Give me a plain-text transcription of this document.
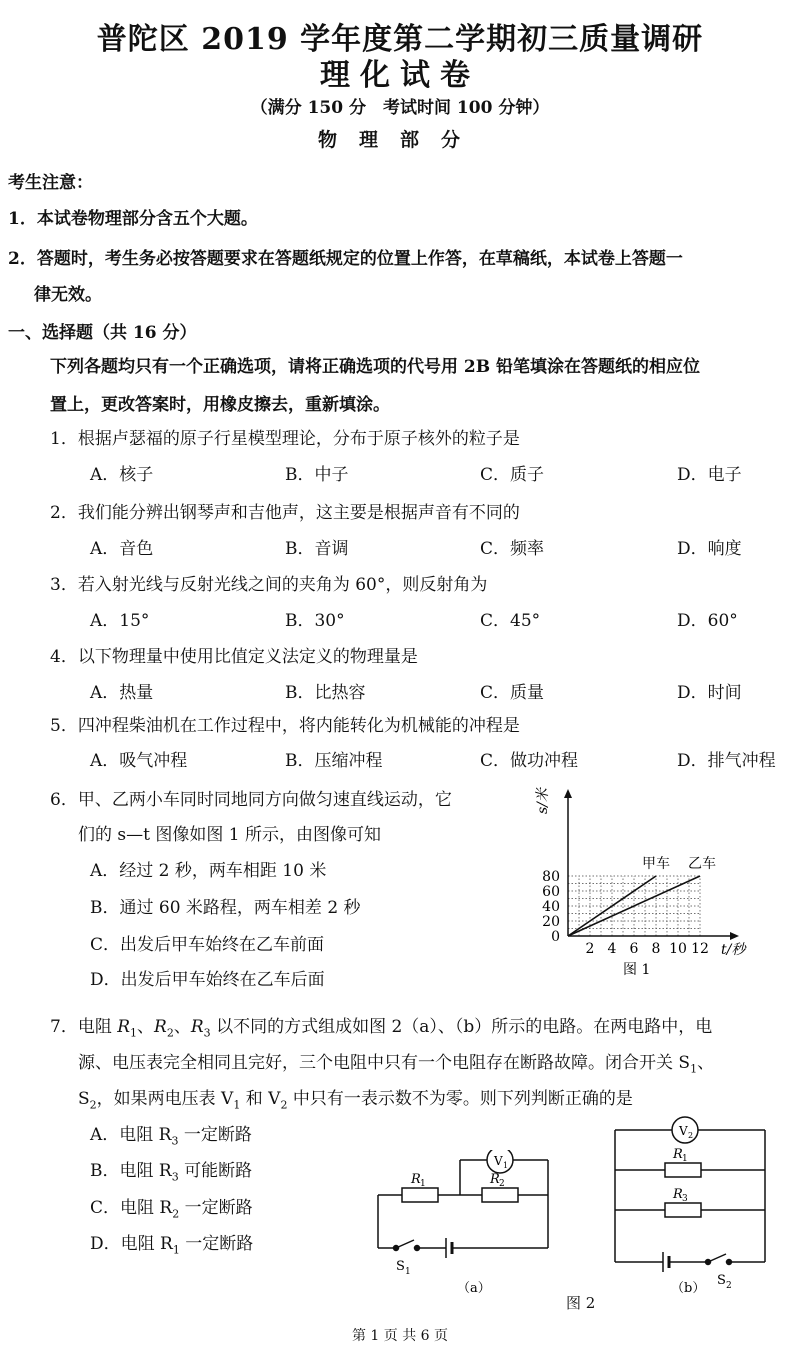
普陀区 2019 学年度第二学期初三质量调研
理化试卷
（满分 150 分　考试时间 100 分钟）
物理部分
考生注意：
1．本试卷物理部分含五个大题。
2．答题时，考生务必按答题要求在答题纸规定的位置上作答，在草稿纸，本试卷上答题一
律无效。
一、选择题（共 16 分）
下列各题均只有一个正确选项，请将正确选项的代号用 2B 铅笔填涂在答题纸的相应位
置上，更改答案时，用橡皮擦去，重新填涂。
1．根据卢瑟福的原子行星模型理论，分布于原子核外的粒子是
A．核子	B．中子	C．质子	D．电子
2．我们能分辨出钢琴声和吉他声，这主要是根据声音有不同的
A．音色	B．音调	C．频率	D．响度
3．若入射光线与反射光线之间的夹角为 60°，则反射角为
A．15°	B．30°	C．45°	D．60°
4．以下物理量中使用比值定义法定义的物理量是
A．热量	B．比热容	C．质量	D．时间
5．四冲程柴油机在工作过程中，将内能转化为机械能的冲程是
A．吸气冲程	B．压缩冲程	C．做功冲程	D．排气冲程
6．甲、乙两小车同时同地同方向做匀速直线运动，它
们的 s—t 图像如图 1 所示，由图像可知
A．经过 2 秒，两车相距 10 米
B．通过 60 米路程，两车相差 2 秒
C．出发后甲车始终在乙车前面
D．出发后甲车始终在乙车后面
2 4 6 8 10 12
0
20
40
60
80
甲车 乙车
s/米
t/秒
图 1
7．电阻 $R_1$、$R_2$、$R_3$ 以不同的方式组成如图 2（a）、（b）所示的电路。在两电路中，电
源、电压表完全相同且完好，三个电阻中只有一个电阻存在断路故障。闭合开关 $S_1$、
$S_2$，如果两电压表 $V_1$ 和 $V_2$ 中只有一表示数不为零。则下列判断正确的是
A．电阻 $R_3$ 一定断路
B．电阻 $R_3$ 可能断路
C．电阻 $R_2$ 一定断路
D．电阻 $R_1$ 一定断路
R 1	R 2
V 1
S 1
（a）
V 2
R 1
R 3
S 2
（b）
图 2
第 1 页 共 6 页
